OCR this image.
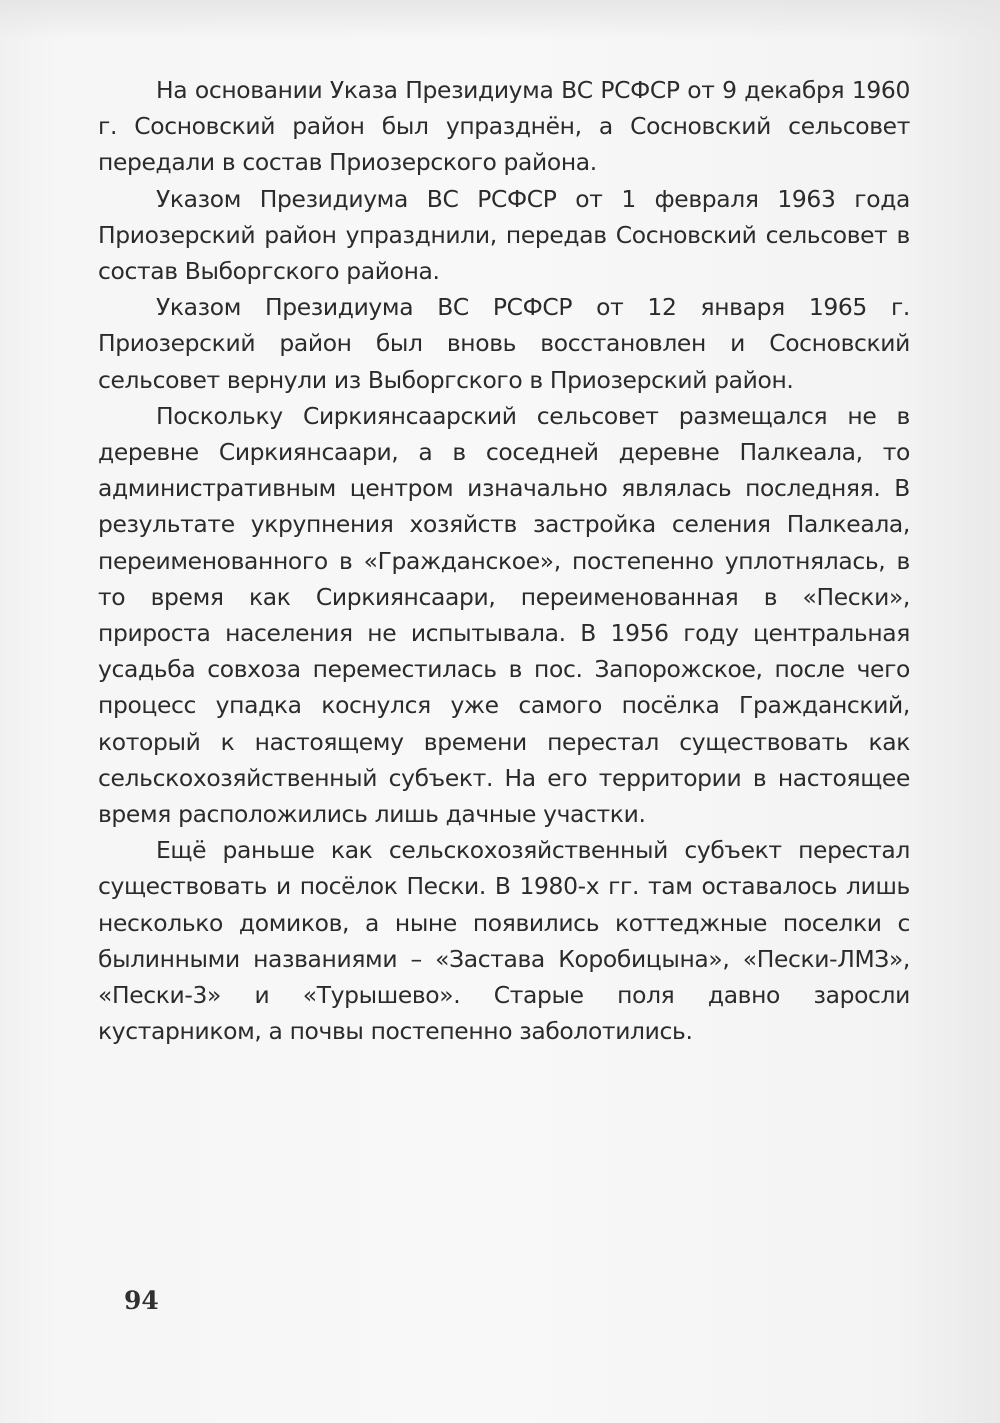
На основании Указа Президиума ВС РСФСР от 9 декабря 1960 г. Сосновский район был упразднён, а Сосновский сельсовет передали в состав Приозерского района.

Указом Президиума ВС РСФСР от 1 февраля 1963 года Приозерский район упразднили, передав Сосновский сельсовет в состав Выборгского района.

Указом Президиума ВС РСФСР от 12 января 1965 г. Приозерский район был вновь восстановлен и Сосновский сельсовет вернули из Выборгского в Приозерский район.

Поскольку Сиркиянсаарский сельсовет размещался не в деревне Сиркиянсаари, а в соседней деревне Палкеала, то административным центром изначально являлась последняя. В результате укрупнения хозяйств застройка селения Палкеала, переименованного в «Гражданское», постепенно уплотнялась, в то время как Сиркиянсаари, переименованная в «Пески», прироста населения не испытывала. В 1956 году центральная усадьба совхоза переместилась в пос. Запорожское, после чего процесс упадка коснулся уже самого посёлка Гражданский, который к настоящему времени перестал существовать как сельскохозяйственный субъект. На его территории в настоящее время расположились лишь дачные участки.

Ещё раньше как сельскохозяйственный субъект перестал существовать и посёлок Пески. В 1980-х гг. там оставалось лишь несколько домиков, а ныне появились коттеджные поселки с былинными названиями – «Застава Коробицына», «Пески-ЛМЗ», «Пески-3» и «Турышево». Старые поля давно заросли кустарником, а почвы постепенно заболотились.

94
